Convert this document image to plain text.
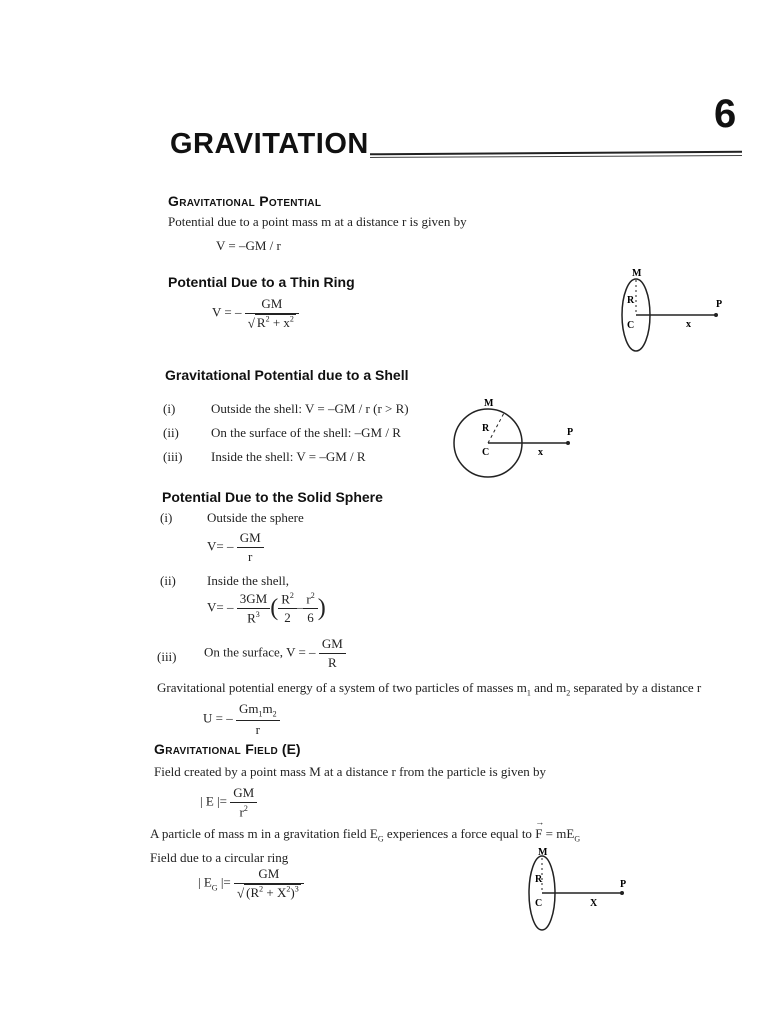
GRAVITATION
6
Gravitational Potential
Potential due to a point mass m at a distance r is given by
V = –GM / r
Potential Due to a Thin Ring
V = – $\frac{GM}{√ R^2 + x^2}$
M
R
C
P
x
Gravitational Potential due to a Shell
(i)	Outside the shell: V = –GM / r (r > R)
(ii) On the surface of the shell: –GM / R
(iii) Inside the shell: V = –GM / R
M
R
C
P
x
Potential Due to the Solid Sphere
(i)	Outside the sphere
$V= - \frac{GM}{r}$
(ii) Inside the shell,
$V= - \frac{3GM}{R^3}$ ( $\frac{R^2}{2} - \frac{r^2}{6}$ )
(iii) On the surface, V = – $\frac{GM}{R}$
Gravitational potential energy of a system of two particles of masses $m_1$ and $m_2$ separated by a distance r
U = – $\frac{Gm_1m_2}{r}$
Gravitational Field (E)
Field created by a point mass M at a distance r from the particle is given by
| E |= $\frac{GM}{r^2}$
A particle of mass m in a gravitation field $E_G$ experiences a force equal to
→
$F = mE_G$
Field due to a circular ring
| $E_G$ |= $\frac{GM}{√ (R^2 + X^2)^3}$
M
R
C
P
X
